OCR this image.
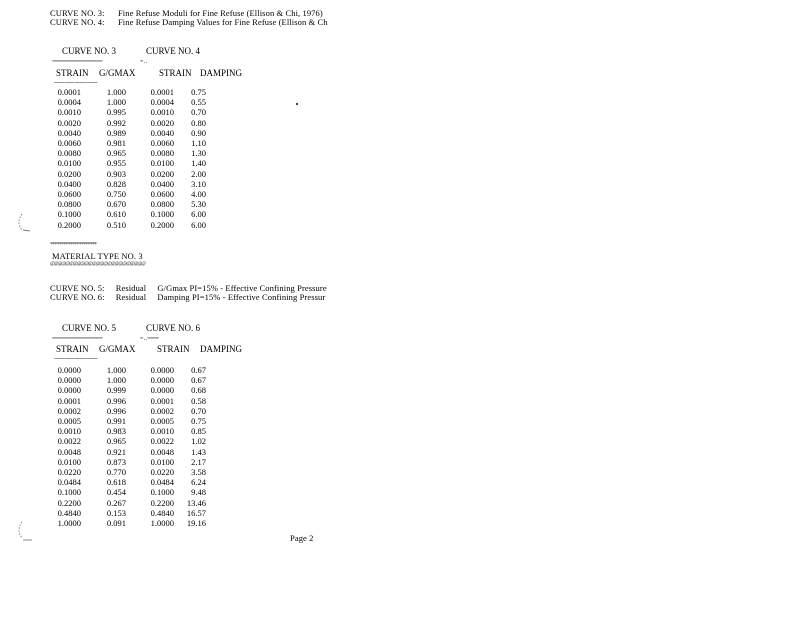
CURVE NO. 3: Fine Refuse Moduli for Fine Refuse (Ellison & Chi, 1976)
CURVE NO. 4: Fine Refuse Damping Values for Fine Refuse (Ellison & Ch
CURVE NO. 3	CURVE NO. 4
==================	= . .
STRAIN G/GMAX	STRAIN DAMPING
-------- -------- --------- ---------
0.0001	1.000	0.0001	0.75
0.0004	1.000	0.0004	0.55
0.0010	0.995	0.0010	0.70
0.0020	0.992	0.0020	0.80
0.0040	0.989	0.0040	0.90
0.0060	0.981	0.0060	1.10
0.0080	0.965	0.0080	1.30
0.0100	0.955	0.0100	1.40
0.0200	0.903	0.0200	2.00
0.0400	0.828	0.0400	3.10
0.0600	0.750	0.0600	4.00
0.0800	0.670	0.0800	5.30
0.1000	0.610	0.1000	6.00
0.2000	0.510	0.2000	6.00
*********************
MATERIAL TYPE NO. 3
@@@@@@@@@@@@@@@@@@@@@@@@@
CURVE NO. 5: Residual G/Gmax PI=15% - Effective Confining Pressure
CURVE NO. 6: Residual Damping PI=15% - Effective Confining Pressur
CURVE NO. 5	CURVE NO. 6
==================	= . . ====
STRAIN G/GMAX STRAIN DAMPING
-------- -------- --------- ---------
0.0000	1.000	0.0000	0.67
0.0000	1.000	0.0000	0.67
0.0000	0.999	0.0000	0.68
0.0001	0.996	0.0001	0.58
0.0002	0.996	0.0002	0.70
0.0005	0.991	0.0005	0.75
0.0010	0.983	0.0010	0.85
0.0022	0.965	0.0022	1.02
0.0048	0.921	0.0048	1.43
0.0100	0.873	0.0100	2.17
0.0220	0.770	0.0220	3.58
0.0484	0.618	0.0484	6.24
0.1000	0.454	0.1000	9.48
0.2200	0.267	0.2200	13.46
0.4840	0.153	0.4840	16.57
1.0000	0.091	1.0000	19.16
Page 2
